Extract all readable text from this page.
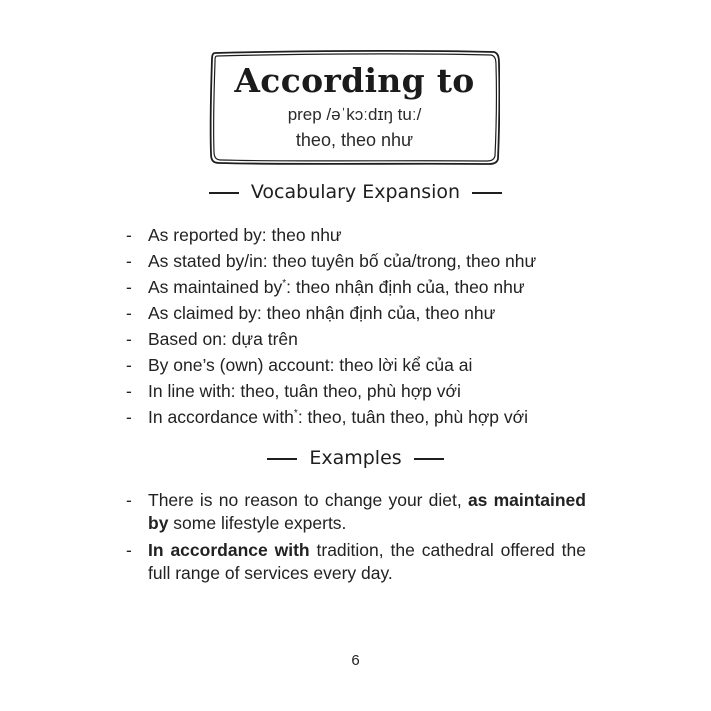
According to
prep /əˈkɔːdɪŋ tuː/
theo, theo như
Vocabulary Expansion
- As reported by: theo như
- As stated by/in: theo tuyên bố của/trong, theo như
- As maintained by*: theo nhận định của, theo như
- As claimed by: theo nhận định của, theo như
- Based on: dựa trên
- By one’s (own) account: theo lời kể của ai
- In line with: theo, tuân theo, phù hợp với
- In accordance with*: theo, tuân theo, phù hợp với
Examples
- There is no reason to change your diet, as maintained by some lifestyle experts.
- In accordance with tradition, the cathedral offered the full range of services every day.
6
